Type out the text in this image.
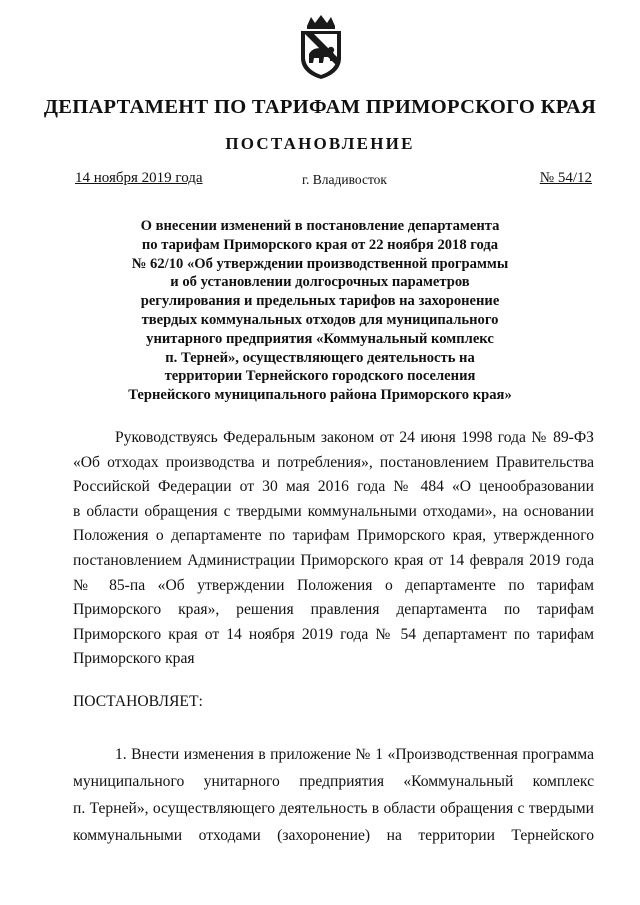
ДЕПАРТАМЕНТ ПО ТАРИФАМ ПРИМОРСКОГО КРАЯ
ПОСТАНОВЛЕНИЕ

14 ноября 2019 года	г. Владивосток	№ 54/12

О внесении изменений в постановление департамента
по тарифам Приморского края от 22 ноября 2018 года
№ 62/10 «Об утверждении производственной программы
и об установлении долгосрочных параметров
регулирования и предельных тарифов на захоронение
твердых коммунальных отходов для муниципального
унитарного предприятия «Коммунальный комплекс
п. Терней», осуществляющего деятельность на
территории Тернейского городского поселения
Тернейского муниципального района Приморского края»
Руководствуясь Федеральным законом от 24 июня 1998 года № 89-ФЗ
«Об отходах производства и потребления», постановлением Правительства
Российской Федерации от 30 мая 2016 года № 484 «О ценообразовании
в области обращения с твердыми коммунальными отходами», на основании
Положения о департаменте по тарифам Приморского края, утвержденного
постановлением Администрации Приморского края от 14 февраля 2019 года
№ 85-па «Об утверждении Положения о департаменте по тарифам
Приморского края», решения правления департамента по тарифам
Приморского края от 14 ноября 2019 года № 54 департамент по тарифам
Приморского края

ПОСТАНОВЛЯЕТ:

1. Внести изменения в приложение № 1 «Производственная программа
муниципального унитарного предприятия «Коммунальный комплекс
п. Терней», осуществляющего деятельность в области обращения с твердыми
коммунальными отходами (захоронение) на территории Тернейского
